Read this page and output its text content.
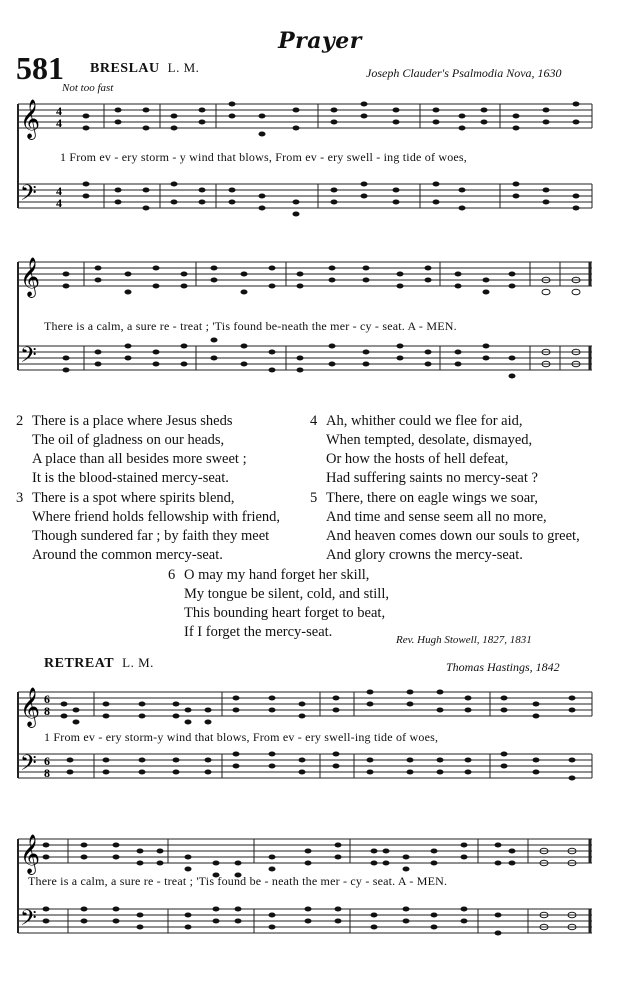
Prayer
581 BRESLAU L. M.	Joseph Clauder's Psalmodia Nova, 1630
Not too fast
𝄞
𝄢
4
4
4
4
1 From ev - ery storm - y wind that blows, From ev - ery swell - ing tide of woes,
𝄞
𝄢
There is a calm, a sure re - treat ; 'Tis found be-neath the mer - cy - seat. A - MEN.
2 There is a place where Jesus sheds
The oil of gladness on our heads,
A place than all besides more sweet ;
It is the blood-stained mercy-seat.
3 There is a spot where spirits blend,
Where friend holds fellowship with friend,
Though sundered far ; by faith they meet
Around the common mercy-seat.
4 Ah, whither could we flee for aid,
When tempted, desolate, dismayed,
Or how the hosts of hell defeat,
Had suffering saints no mercy-seat ?
5 There, there on eagle wings we soar,
And time and sense seem all no more,
And heaven comes down our souls to greet,
And glory crowns the mercy-seat.
6 O may my hand forget her skill,
My tongue be silent, cold, and still,
This bounding heart forget to beat,
If I forget the mercy-seat.	Rev. Hugh Stowell, 1827, 1831
RETREAT L. M.	Thomas Hastings, 1842
𝄞
𝄢
6
8
6
8
1 From ev - ery storm-y wind that blows, From ev - ery swell-ing tide of woes,
𝄞
𝄢
There is a calm, a sure re - treat ; 'Tis found be - neath the mer - cy - seat. A - MEN.
